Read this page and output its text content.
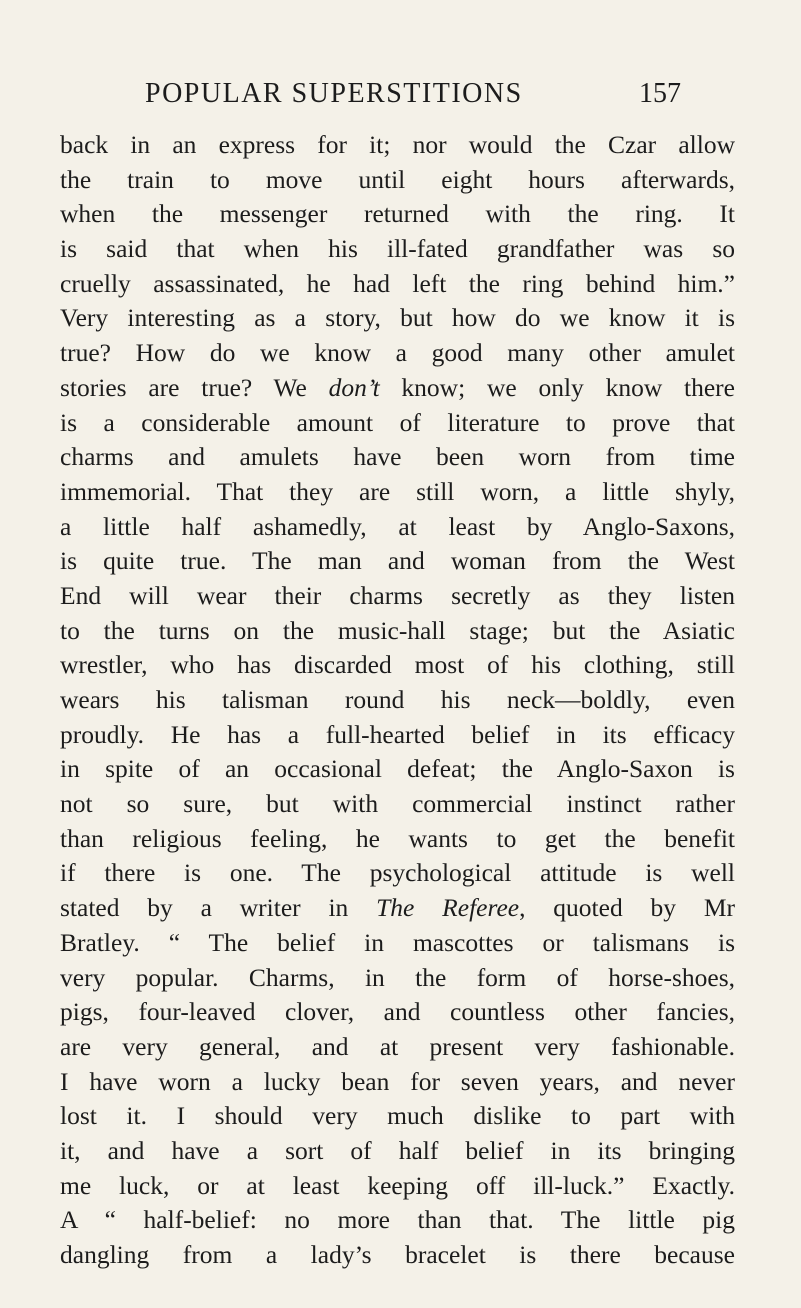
POPULAR SUPERSTITIONS	157
back in an express for it; nor would the Czar allow
the train to move until eight hours afterwards,
when the messenger returned with the ring. It
is said that when his ill-fated grandfather was so
cruelly assassinated, he had left the ring behind him.”
Very interesting as a story, but how do we know it is
true? How do we know a good many other amulet
stories are true? We don’t know; we only know there
is a considerable amount of literature to prove that
charms and amulets have been worn from time
immemorial. That they are still worn, a little shyly,
a little half ashamedly, at least by Anglo-Saxons,
is quite true. The man and woman from the West
End will wear their charms secretly as they listen
to the turns on the music-hall stage; but the Asiatic
wrestler, who has discarded most of his clothing, still
wears his talisman round his neck—boldly, even
proudly. He has a full-hearted belief in its efficacy
in spite of an occasional defeat; the Anglo-Saxon is
not so sure, but with commercial instinct rather
than religious feeling, he wants to get the benefit
if there is one. The psychological attitude is well
stated by a writer in The Referee, quoted by Mr
Bratley. “ The belief in mascottes or talismans is
very popular. Charms, in the form of horse-shoes,
pigs, four-leaved clover, and countless other fancies,
are very general, and at present very fashionable.
I have worn a lucky bean for seven years, and never
lost it. I should very much dislike to part with
it, and have a sort of half belief in its bringing
me luck, or at least keeping off ill-luck.” Exactly.
A “ half-belief: no more than that. The little pig
dangling from a lady’s bracelet is there because
